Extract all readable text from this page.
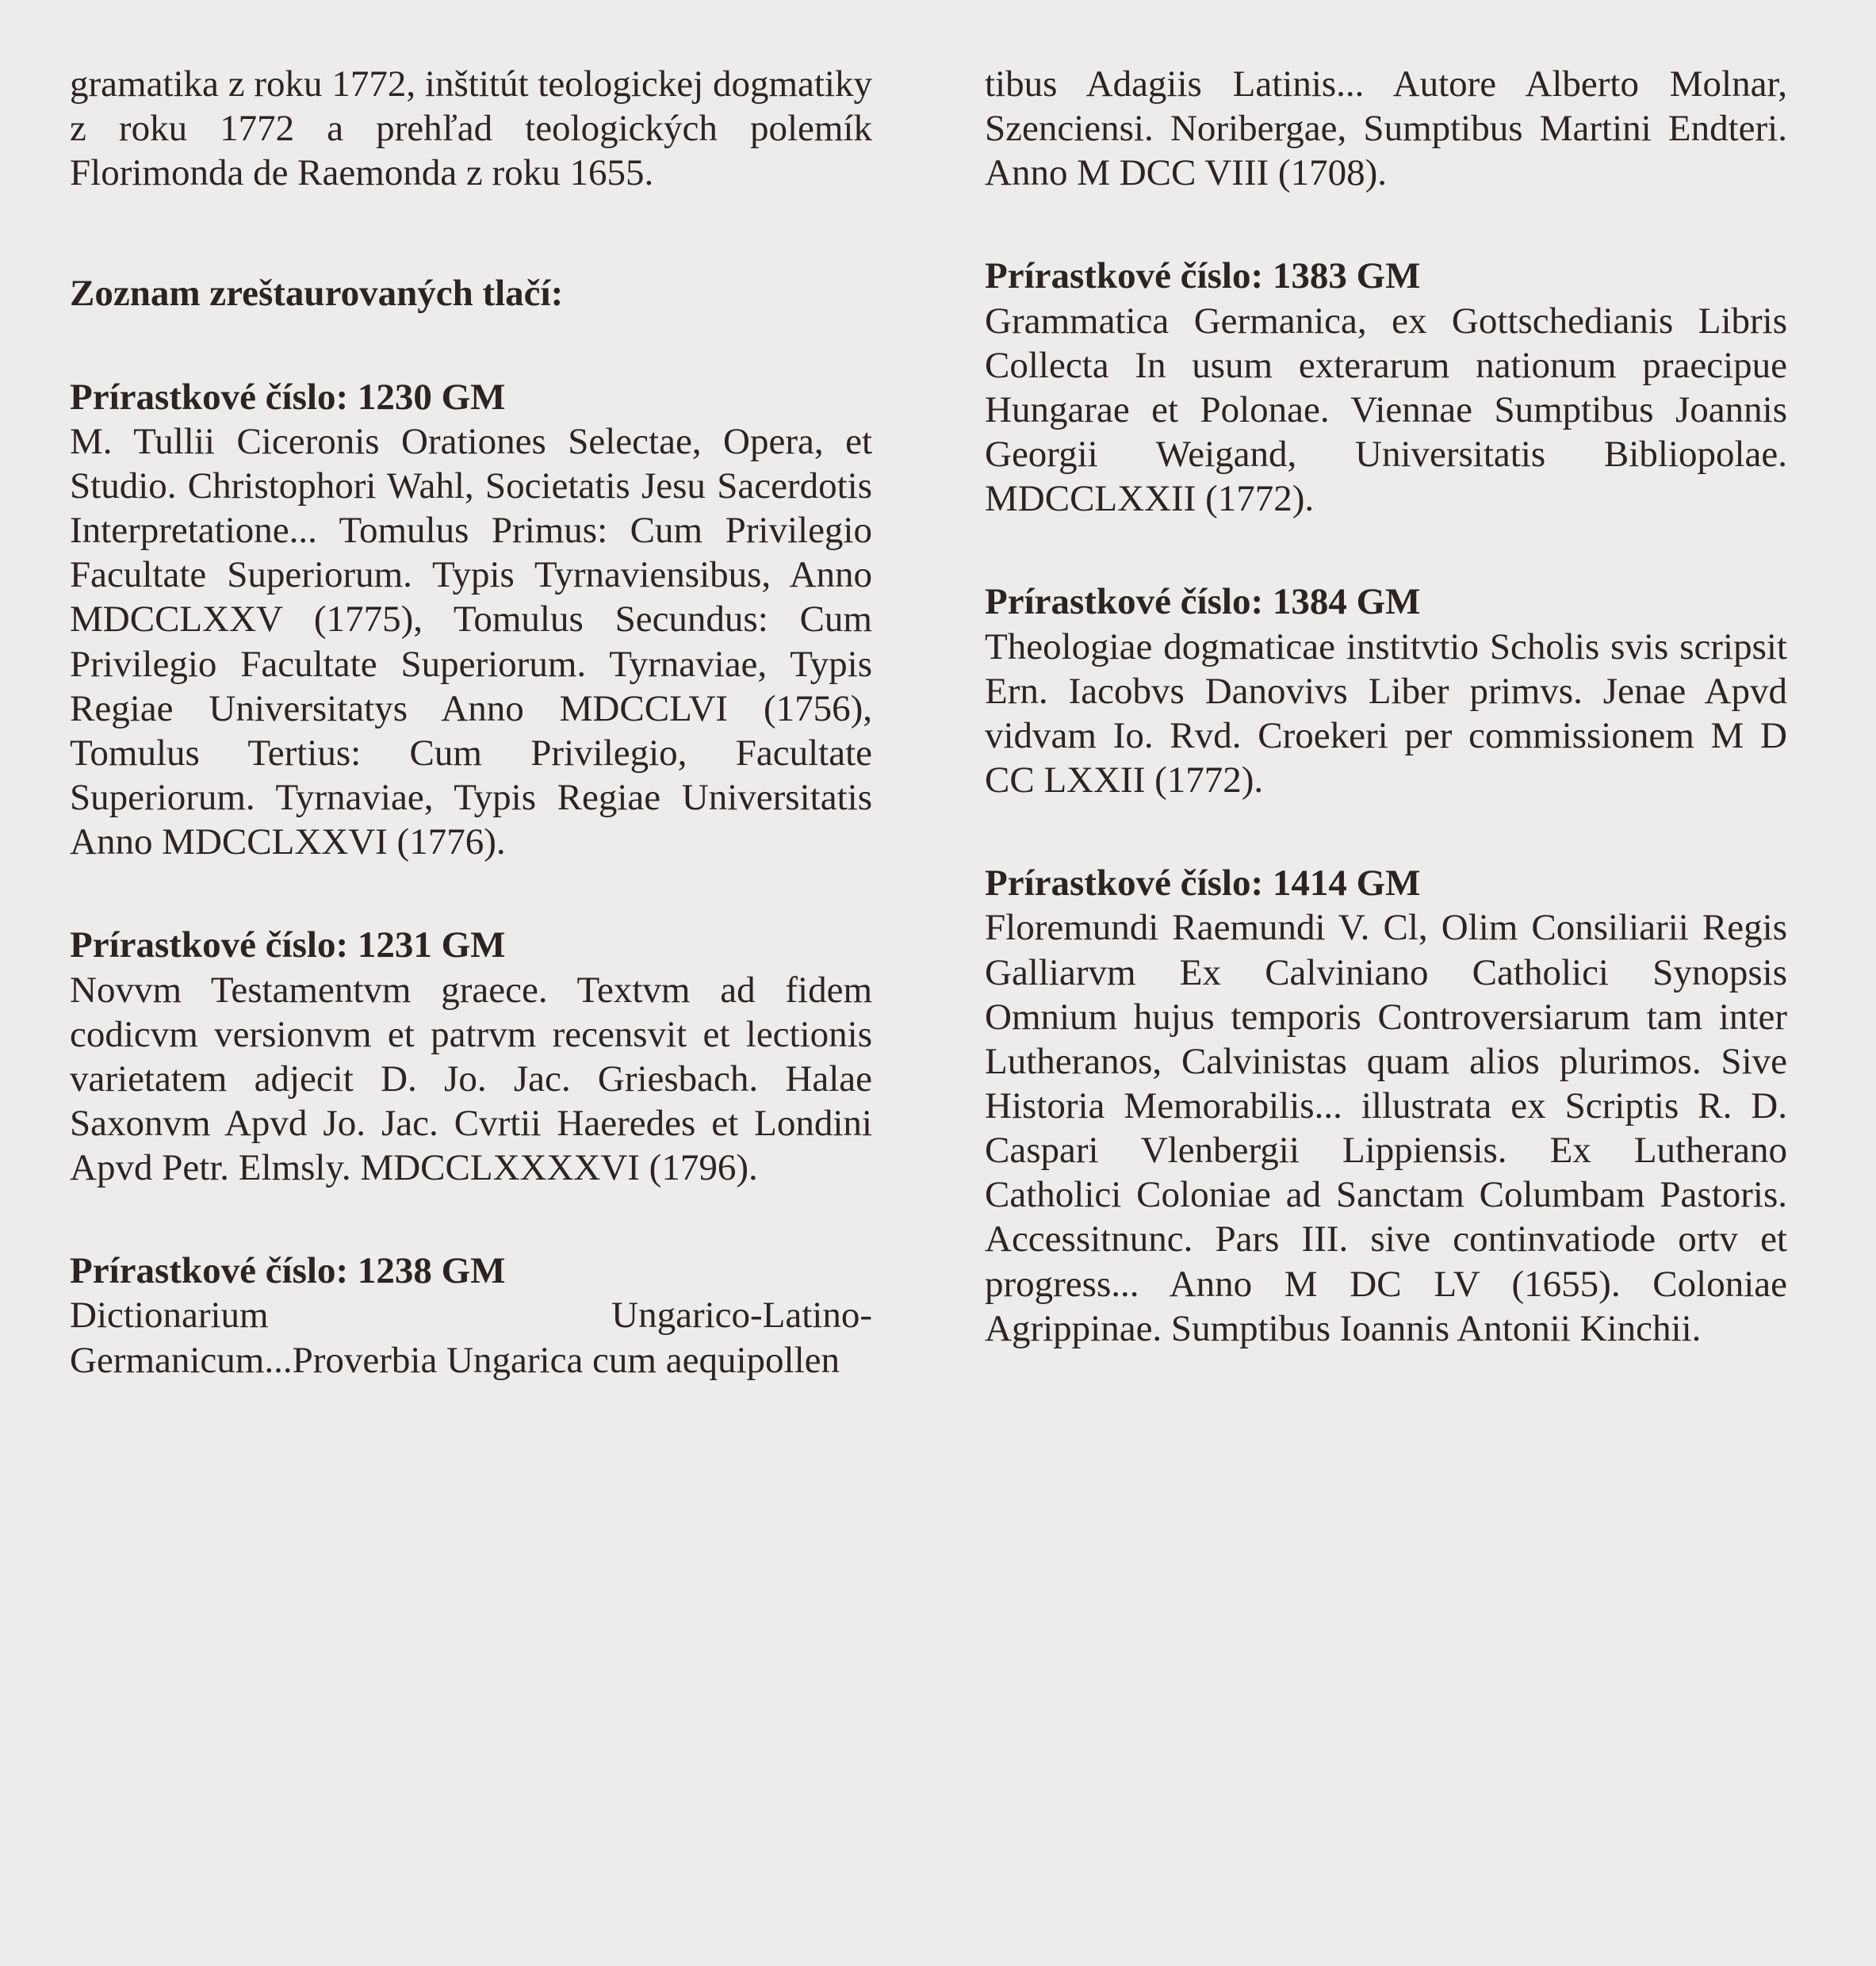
gramatika z roku 1772, inštitút teologickej dogmatiky z roku 1772 a prehľad teologických polemík Florimonda de Raemonda z roku 1655.

Zoznam zreštaurovaných tlačí:

Prírastkové číslo: 1230 GM

M. Tullii Ciceronis Orationes Selectae, Opera, et Studio. Christophori Wahl, Societatis Jesu Sacerdotis Interpretatione... Tomulus Primus: Cum Privilegio Facultate Superiorum. Typis Tyrnaviensibus, Anno MDCCLXXV (1775), Tomulus Secundus: Cum Privilegio Facultate Superiorum. Tyrnaviae, Typis Regiae Universitatys Anno MDCCLVI (1756), Tomulus Tertius: Cum Privilegio, Facultate Superiorum. Tyrnaviae, Typis Regiae Universitatis Anno MDCCLXXVI (1776).

Prírastkové číslo: 1231 GM

Novvm Testamentvm graece. Textvm ad fidem codicvm versionvm et patrvm recensvit et lectionis varietatem adjecit D. Jo. Jac. Griesbach. Halae Saxonvm Apvd Jo. Jac. Cvrtii Haeredes et Londini Apvd Petr. Elmsly. MDCCLXXXXVI (1796).

Prírastkové číslo: 1238 GM

Dictionarium Ungarico-Latino-Germanicum...Proverbia Ungarica cum aequipollen

tibus Adagiis Latinis... Autore Alberto Molnar, Szenciensi. Noribergae, Sumptibus Martini Endteri. Anno M DCC VIII (1708).

Prírastkové číslo: 1383 GM

Grammatica Germanica, ex Gottschedianis Libris Collecta In usum exterarum nationum praecipue Hungarae et Polonae. Viennae Sumptibus Joannis Georgii Weigand, Universitatis Bibliopolae. MDCCLXXII (1772).

Prírastkové číslo: 1384 GM

Theologiae dogmaticae institvtio Scholis svis scripsit Ern. Iacobvs Danovivs Liber primvs. Jenae Apvd vidvam Io. Rvd. Croekeri per commissionem M D CC LXXII (1772).

Prírastkové číslo: 1414 GM

Floremundi Raemundi V. Cl, Olim Consiliarii Regis Galliarvm Ex Calviniano Catholici Synopsis Omnium hujus temporis Controversiarum tam inter Lutheranos, Calvinistas quam alios plurimos. Sive Historia Memorabilis... illustrata ex Scriptis R. D. Caspari Vlenbergii Lippiensis. Ex Lutherano Catholici Coloniae ad Sanctam Columbam Pastoris. Accessitnunc. Pars III. sive continvatiode ortv et progress... Anno M DC LV (1655). Coloniae Agrippinae. Sumptibus Ioannis Antonii Kinchii.
